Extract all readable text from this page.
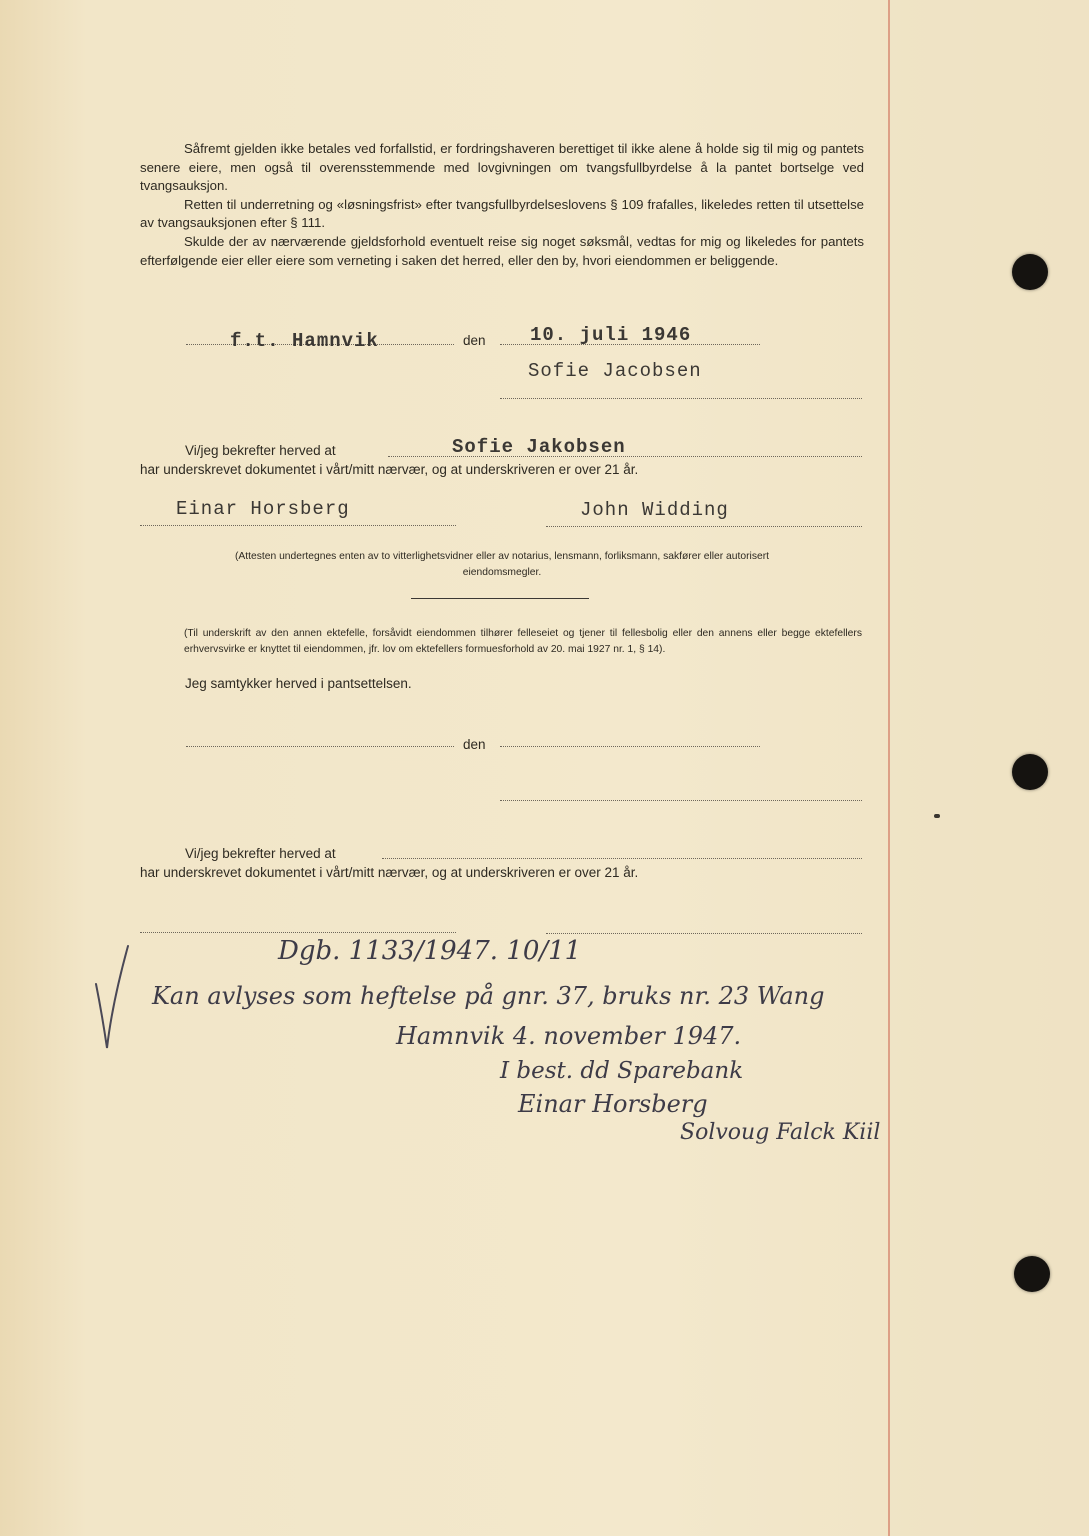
Såfremt gjelden ikke betales ved forfallstid, er fordringshaveren berettiget til ikke alene å holde sig til mig og pantets senere eiere, men også til overensstemmende med lovgivningen om tvangsfullbyrdelse å la pantet bortselge ved tvangsauksjon.

Retten til underretning og «løsningsfrist» efter tvangsfullbyrdelseslovens § 109 frafalles, likeledes retten til utsettelse av tvangsauksjonen efter § 111.

Skulde der av nærværende gjeldsforhold eventuelt reise sig noget søksmål, vedtas for mig og likeledes for pantets efterfølgende eier eller eiere som verneting i saken det herred, eller den by, hvori eiendommen er beliggende.

f.t. Hamnvik	den 10. juli 1946
Sofie Jacobsen
Vi/jeg bekrefter herved at	Sofie Jakobsen
har underskrevet dokumentet i vårt/mitt nærvær, og at underskriveren er over 21 år.
Einar Horsberg	John Widding
(Attesten undertegnes enten av to vitterlighetsvidner eller av notarius, lensmann, forliksmann, sakfører eller autorisert eiendomsmegler.
(Til underskrift av den annen ektefelle, forsåvidt eiendommen tilhører felleseiet og tjener til fellesbolig eller den annens eller begge ektefellers erhvervsvirke er knyttet til eiendommen, jfr. lov om ektefellers formuesforhold av 20. mai 1927 nr. 1, § 14).
Jeg samtykker herved i pantsettelsen.
den
Vi/jeg bekrefter herved at
har underskrevet dokumentet i vårt/mitt nærvær, og at underskriveren er over 21 år.
Dgb. 1133/1947. 10/11
Kan avlyses som heftelse på gnr. 37, bruks nr. 23 Wang
Hamnvik 4. november 1947.
I best. dd Sparebank
Einar Horsberg
Solvoug Falck Kiil
